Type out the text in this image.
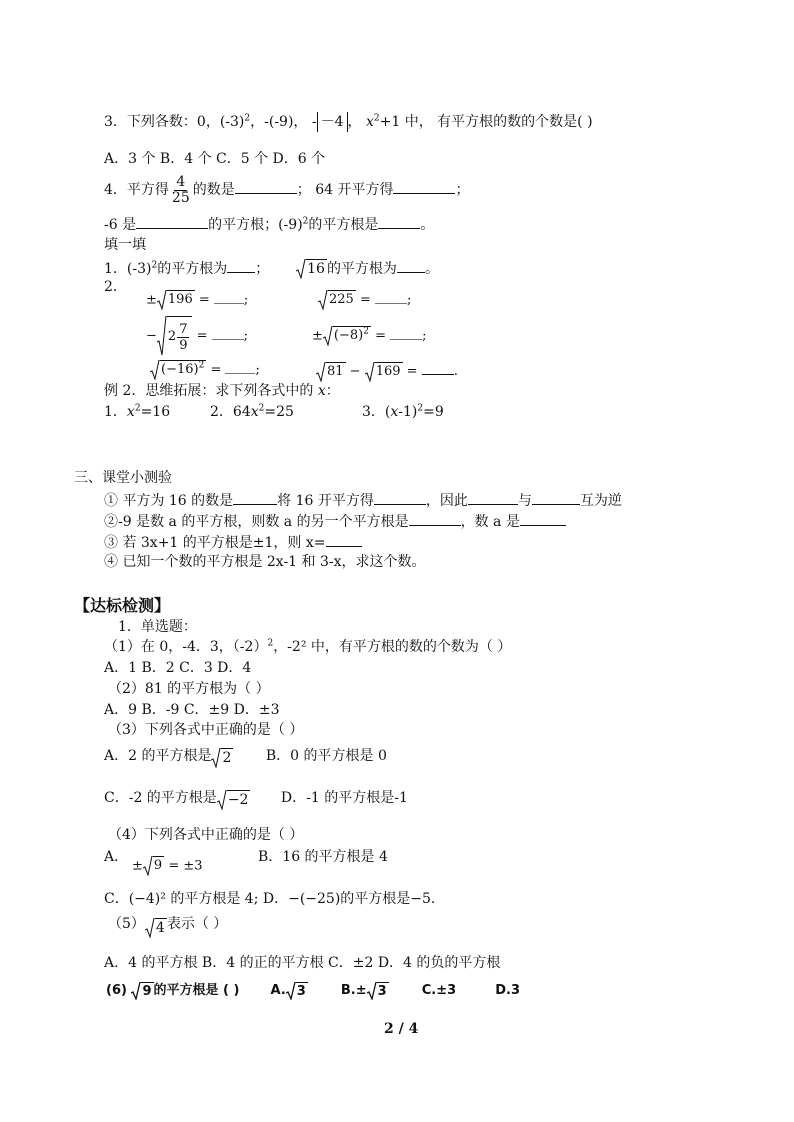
3．下列各数：0，$(-3)^2$，-(-9)， - －4 ， $x^2+1$ 中， 有平方根的数的个数是( )
A．3 个 B．4 个 C．5 个 D．6 个
4．平方得 $\frac{4}{25}$ 的数是	； 64 开平方得	；
-6 是	的平方根；$(-9)^2$的平方根是	。
填一填
1．$(-3)^2$的平方根为 ；	16 的平方根为 。
2．
± 196 = ;	225 = ;
− $2 \frac{7}{9}$ = ;	± $(-8)^2$ = ;
$(-16)^2$ = ;	81 − 169 = .
例 2．思维拓展：求下列各式中的 x：
1．$x^2=16$	2．$64x^2=25$	3．$(x-1)^2=9$
三、课堂小测验
① 平方为 16 的数是	将 16 开平方得	，因此	与	互为逆
②-9 是数 a 的平方根，则数 a 的另一个平方根是	，数 a 是
③ 若 3x+1 的平方根是±1，则 x=
④ 已知一个数的平方根是 2x-1 和 3-x，求这个数。
【达标检测】
1．单选题：
（1）在 0，-4．3，$(-2)^2$，-2² 中，有平方根的数的个数为（ ）
A．1 B．2 C．3 D．4
（2）81 的平方根为（ ）
A．9 B．-9 C．±9 D．±3
（3）下列各式中正确的是（ ）
A．2 的平方根是 2 B．0 的平方根是 0
C．-2 的平方根是 −2 D．-1 的平方根是-1
（4）下列各式中正确的是（ ）
A．
± 9 = ±3
B．16 的平方根是 4
C．(−4)² 的平方根是 4; D．−(−25)的平方根是−5．
（5） 4 表示（ ）
A．4 的平方根 B．4 的正的平方根 C．±2 D．4 的负的平方根
(6) 9 的平方根是 ( ) A. 3	B.± 3	C.±3	D.3
2 / 4
